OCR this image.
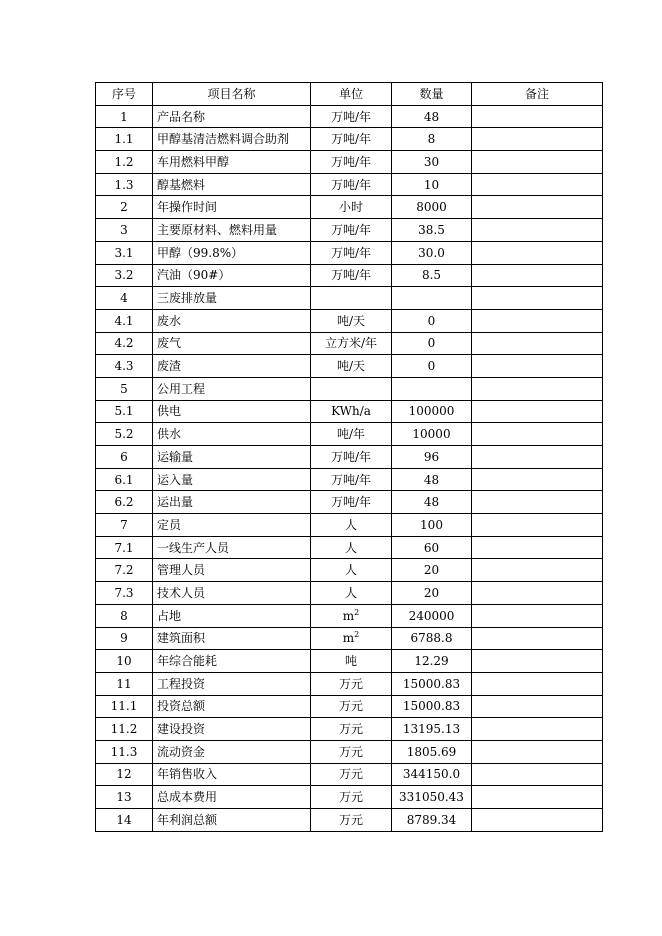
序号	项目名称	单位	数量	备注
1	产品名称	万吨/年	48	
1.1	甲醇基清洁燃料调合助剂	万吨/年	8	
1.2	车用燃料甲醇	万吨/年	30	
1.3	醇基燃料	万吨/年	10	
2	年操作时间	小时	8000	
3	主要原材料、燃料用量	万吨/年	38.5	
3.1	甲醇（99.8%）	万吨/年	30.0	
3.2	汽油（90#）	万吨/年	8.5	
4	三废排放量			
4.1	废水	吨/天	0	
4.2	废气	立方米/年	0	
4.3	废渣	吨/天	0	
5	公用工程			
5.1	供电	KWh/a	100000	
5.2	供水	吨/年	10000	
6	运输量	万吨/年	96	
6.1	运入量	万吨/年	48	
6.2	运出量	万吨/年	48	
7	定员	人	100	
7.1	一线生产人员	人	60	
7.2	管理人员	人	20	
7.3	技术人员	人	20	
8	占地	$m^2$	240000	
9	建筑面积	$m^2$	6788.8	
10	年综合能耗	吨	12.29	
11	工程投资	万元	15000.83	
11.1	投资总额	万元	15000.83	
11.2	建设投资	万元	13195.13	
11.3	流动资金	万元	1805.69	
12	年销售收入	万元	344150.0	
13	总成本费用	万元	331050.43	
14	年利润总额	万元	8789.34	
